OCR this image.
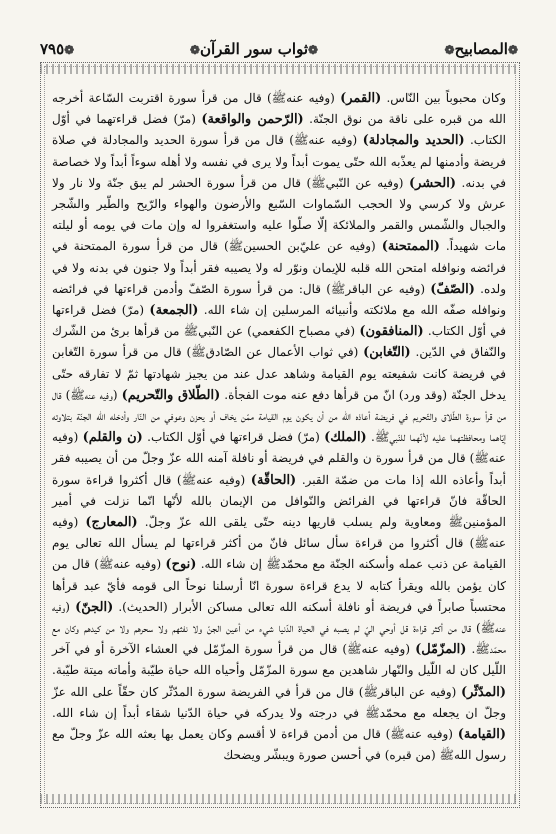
❁المصابيح❁
❁ثواب سور القرآن❁
❁٧٩٥

وكان محبوباً بين النّاس. (القمر) (وفيه عنه‌ﷺ) قال من قرأ سورة اقتربت السّاعة أخرجه الله من قبره على ناقة من نوق الجنّة. (الرّحمن والواقعة) (مرّ) فضل قراءتهما في أوّل الكتاب. (الحديد والمجادلة) (وفيه عنه‌ﷺ) قال من قرأ سورة الحديد والمجادلة في صلاة فريضة وأدمنها لم يعذّبه الله حتّى يموت أبداً ولا يرى في نفسه ولا أهله سوءاً أبداً ولا خصاصة في بدنه. (الحشر) (وفيه عن النّبي‌ﷺ) قال من قرأ سورة الحشر لم يبق جنّة ولا نار ولا عرش ولا كرسي ولا الحجب السّماوات السّبع والأرضون والهواء والرّيح والطّير والشّجر والجبال والشّمس والقمر والملائكة إلّا صلّوا عليه واستغفروا له وإن مات في يومه أو ليلته مات شهيداً. (الممتحنة) (وفيه عن عليّ‌بن الحسين‌ﷺ) قال من قرأ سورة الممتحنة في فرائضه ونوافله امتحن الله قلبه للإيمان ونوّر له ولا يصيبه فقر أبداً ولا جنون في بدنه ولا في ولده. (الصّفّ) (وفيه عن الباقر‌ﷺ) قال: من قرأ سورة الصّفّ وأدمن قراءتها في فرائضه ونوافله صفّه الله مع ملائكته وأنبيائه المرسلين إن شاء الله. (الجمعة) (مرّ) فضل قراءتها في أوّل الكتاب. (المنافقون) (في مصباح الكفعمي) عن النّبي‌ﷺ من قرأها برئ من الشّرك والنّفاق في الدّين. (التّغابن) (في ثواب الأعمال عن الصّادق‌ﷺ) قال من قرأ سورة التّغابن في فريضة كانت شفيعته يوم القيامة وشاهد عدل عند من يجيز شهادتها ثمّ لا تفارقه حتّى يدخل الجنّة (وقد ورد) انّ من قرأها دفع عنه موت الفجأة. (الطّلاق والتّحريم) (وفيه عنه‌ﷺ) قال من قرأ سورة الطّلاق والتّحريم في فريضة أعاذه الله من أن يكون يوم القيامة ممّن يخاف أو يحزن وعوفي من النّار وأدخله الله الجنّة بتلاوته إيّاهما ومحافظتهما عليه لأنّهما للنّبي‌ﷺ. (الملك) (مرّ) فضل قراءتها في أوّل الكتاب. (ن والقلم) (وفيه عنه‌ﷺ) قال من قرأ سورة ن والقلم في فريضة أو نافلة آمنه الله عزّ وجلّ من أن يصيبه فقر أبداً وأعاذه الله إذا مات من ضمّة القبر. (الحاقّة) (وفيه عنه‌ﷺ) قال أكثروا قراءة سورة الحاقّة فانّ قراءتها في الفرائض والنّوافل من الإيمان بالله لأنّها انّما نزلت في أمير المؤمنين‌ﷺ ومعاوية ولم يسلب قاريها دينه حتّى يلقى الله عزّ وجلّ. (المعارج) (وفيه عنه‌ﷺ) قال أكثروا من قراءة سأل سائل فانّ من أكثر قراءتها لم يسأل الله تعالى يوم القيامة عن ذنب عمله وأسكنه الجنّة مع محمّد‌ﷺ إن شاء الله. (نوح) (وفيه عنه‌ﷺ) قال من كان يؤمن بالله ويقرأ كتابه لا يدع قراءة سورة انّا أرسلنا نوحاً الى قومه فأيّ عبد قرأها محتسباً صابراً في فريضة أو نافلة أسكنه الله تعالى مساكن الأبرار (الحديث). (الجنّ) (وفيه عنه‌ﷺ) قال من أكثر قراءة قل أوحي اليّ لم يصبه في الحياة الدّنيا شيء من أعين الجنّ ولا نفثهم ولا سحرهم ولا من كيدهم وكان مع محمّد‌ﷺ. (المزّمّل) (وفيه عنه‌ﷺ) قال من قرأ سورة المزّمّل في العشاء الآخرة أو في آخر اللّيل كان له اللّيل والنّهار شاهدين مع سورة المزّمّل وأحياه الله حياة طيّبة وأماته ميتة طيّبة. (المدّثّر) (وفيه عن الباقر‌ﷺ) قال من قرأ في الفريضة سورة المدّثّر كان حقّاً على الله عزّ وجلّ ان يجعله مع محمّد‌ﷺ في درجته ولا يدركه في حياة الدّنيا شقاء أبداً إن شاء الله. (القيامة) (وفيه عنه‌ﷺ) قال من أدمن قراءة لا أقسم وكان يعمل بها بعثه الله عزّ وجلّ مع رسول الله‌ﷺ (من قبره) في أحسن صورة ويبشّر ويضحك
